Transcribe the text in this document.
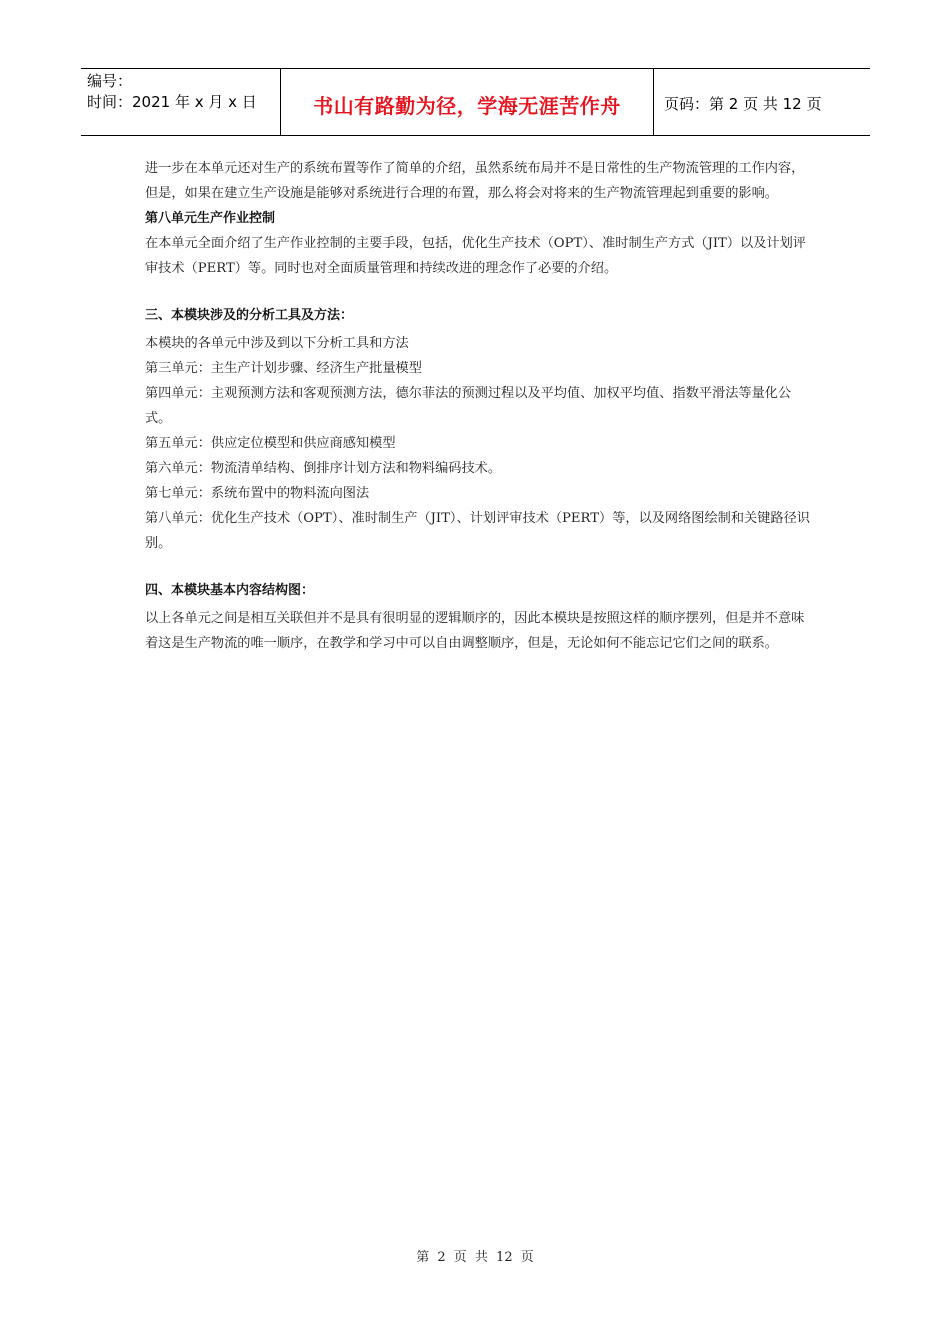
编号：
时间：2021 年 x 月 x 日	书山有路勤为径，学海无涯苦作舟	页码：第 2 页 共 12 页

进一步在本单元还对生产的系统布置等作了简单的介绍，虽然系统布局并不是日常性的生产物流管理的工作内容，但是，如果在建立生产设施是能够对系统进行合理的布置，那么将会对将来的生产物流管理起到重要的影响。

第八单元生产作业控制

在本单元全面介绍了生产作业控制的主要手段，包括，优化生产技术（OPT）、准时制生产方式（JIT）以及计划评审技术（PERT）等。同时也对全面质量管理和持续改进的理念作了必要的介绍。

三、本模块涉及的分析工具及方法：

本模块的各单元中涉及到以下分析工具和方法

第三单元：主生产计划步骤、经济生产批量模型

第四单元：主观预测方法和客观预测方法，德尔菲法的预测过程以及平均值、加权平均值、指数平滑法等量化公式。

第五单元：供应定位模型和供应商感知模型

第六单元：物流清单结构、倒排序计划方法和物料编码技术。

第七单元：系统布置中的物料流向图法

第八单元：优化生产技术（OPT）、准时制生产（JIT）、计划评审技术（PERT）等，以及网络图绘制和关键路径识别。

四、本模块基本内容结构图：

以上各单元之间是相互关联但并不是具有很明显的逻辑顺序的，因此本模块是按照这样的顺序摆列，但是并不意味着这是生产物流的唯一顺序，在教学和学习中可以自由调整顺序，但是，无论如何不能忘记它们之间的联系。

第 2 页 共 12 页
